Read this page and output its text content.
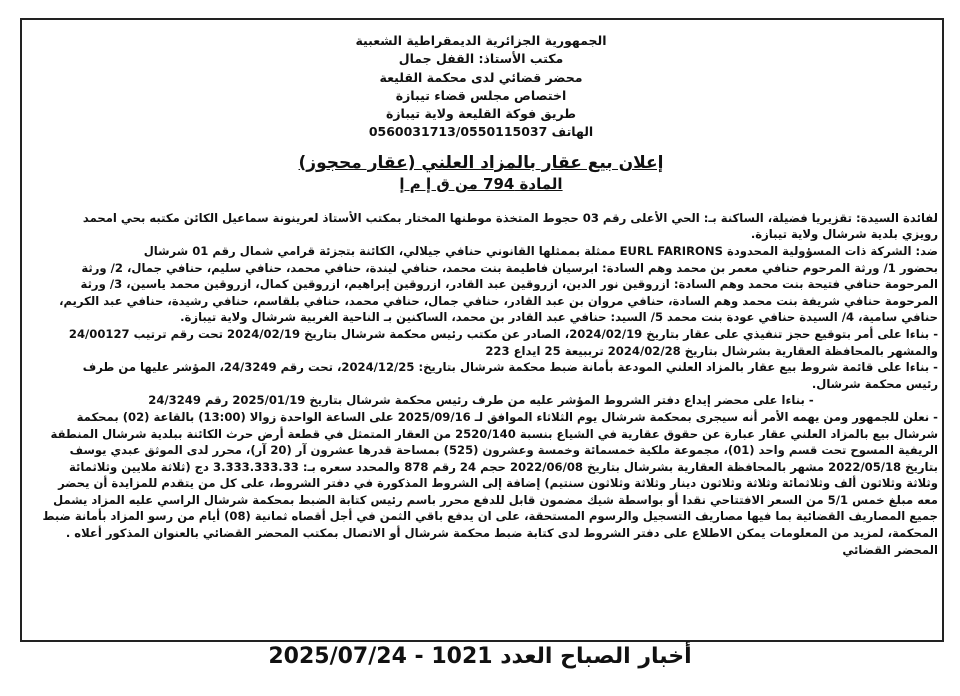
الجمهورية الجزائرية الديمقراطية الشعبية
مكتب الأستاذ: القفل جمال
محضر قضائي لدى محكمة القليعة
اختصاص مجلس قضاء تيبازة
طريق فوكة القليعة ولاية تيبازة
الهاتف 0560031713/0550115037
إعلان بيع عقار بالمزاد العلني (عقار محجوز)
المادة 794 من ق إ م إ
لفائدة السيدة: تقزيريا فضيلة، الساكنة بـ: الحي الأعلى رقم 03 حجوط المتخذة موطنها المختار بمكتب الأستاذ لعرينونة سماعيل الكائن مكتبه بحي امحمد
رويزي بلدية شرشال ولاية تيبازة.
ضد: الشركة ذات المسؤولية المحدودة EURL FARIRONS ممثلة بممثلها القانوني حنافي جيلالي، الكائنة بتجزئة قرامي شمال رقم 01 شرشال
بحضور 1/ ورثة المرحوم حنافي معمر بن محمد وهم السادة: ابرسيان فاطيمة بنت محمد، حنافي ليندة، حنافي محمد، حنافي سليم، حنافي جمال، 2/ ورثة
المرحومة حنافي فتيحة بنت محمد وهم السادة: ازروقين نور الدين، ازروقين عبد القادر، ازروقين إبراهيم، ازروقين كمال، ازروقين محمد ياسين، 3/ ورثة
المرحومة حنافي شريفة بنت محمد وهم السادة، حنافي مروان بن عبد القادر، حنافي جمال، حنافي محمد، حنافي بلقاسم، حنافي رشيدة، حنافي عبد الكريم،
حنافي سامية، 4/ السيدة حنافي عودة بنت محمد 5/ السيد: حنافي عبد القادر بن محمد، الساكنين بـ الناحية الغربية شرشال ولاية تيبازة.
- بناءا على أمر بتوقيع حجز تنفيذي على عقار بتاريخ 2024/02/19، الصادر عن مكتب رئيس محكمة شرشال بتاريخ 2024/02/19 تحت رقم ترتيب 24/00127
والمشهر بالمحافظة العقارية بشرشال بتاريخ 2024/02/28 ترببيعة 25 ايداع 223
- بناءا على قائمة شروط بيع عقار بالمزاد العلني المودعة بأمانة ضبط محكمة شرشال بتاريخ: 2024/12/25، تحت رقم 24/3249، المؤشر عليها من طرف
رئيس محكمة شرشال.
- بناءا على محضر إيداع دفتر الشروط المؤشر عليه من طرف رئيس محكمة شرشال بتاريخ 2025/01/19 رقم 24/3249
- نعلن للجمهور ومن يهمه الأمر أنه سيجرى بمحكمة شرشال يوم الثلاثاء الموافق لـ 2025/09/16 على الساعة الواحدة زوالا (13:00) بالقاعة (02) بمحكمة
شرشال بيع بالمزاد العلني عقار عبارة عن حقوق عقارية في الشياع بنسبة 2520/140 من العقار المتمثل في قطعة أرض حرث الكائنة ببلدية شرشال المنطقة
الريفية المسوح تحت قسم واحد (01)، مجموعة ملكية خمسمائة وخمسة وعشرون (525) بمساحة قدرها عشرون آر (20 آر)، محرر لدى الموثق عبدي يوسف
بتاريخ 2022/05/18 مشهر بالمحافظة العقارية بشرشال بتاريخ 2022/06/08 حجم 24 رقم 878 والمحدد سعره بـ: 3.333.333.33 دج (ثلاثة ملايين وثلاثمائة
وثلاثة وثلاثون ألف وثلاثمائة وثلاثة وثلاثون دينار وثلاثة وثلاثون سنتيم) إضافة إلى الشروط المذكورة في دفتر الشروط، على كل من يتقدم للمزايدة أن يحضر
معه مبلغ خمس 5/1 من السعر الافتتاحي نقدا أو بواسطة شيك مضمون قابل للدفع محرر باسم رئيس كتابة الضبط بمحكمة شرشال الراسي عليه المزاد يشمل
جميع المصاريف القضائية بما فيها مصاريف التسجيل والرسوم المستحقة، على ان يدفع باقي الثمن في أجل أقصاه ثمانية (08) أيام من رسو المزاد بأمانة ضبط
المحكمة، لمزيد من المعلومات يمكن الاطلاع على دفتر الشروط لدى كتابة ضبط محكمة شرشال أو الاتصال بمكتب المحضر القضائي بالعنوان المذكور أعلاه .
المحضر القضائي
أخبار الصباح العدد 1021 - 2025/07/24
